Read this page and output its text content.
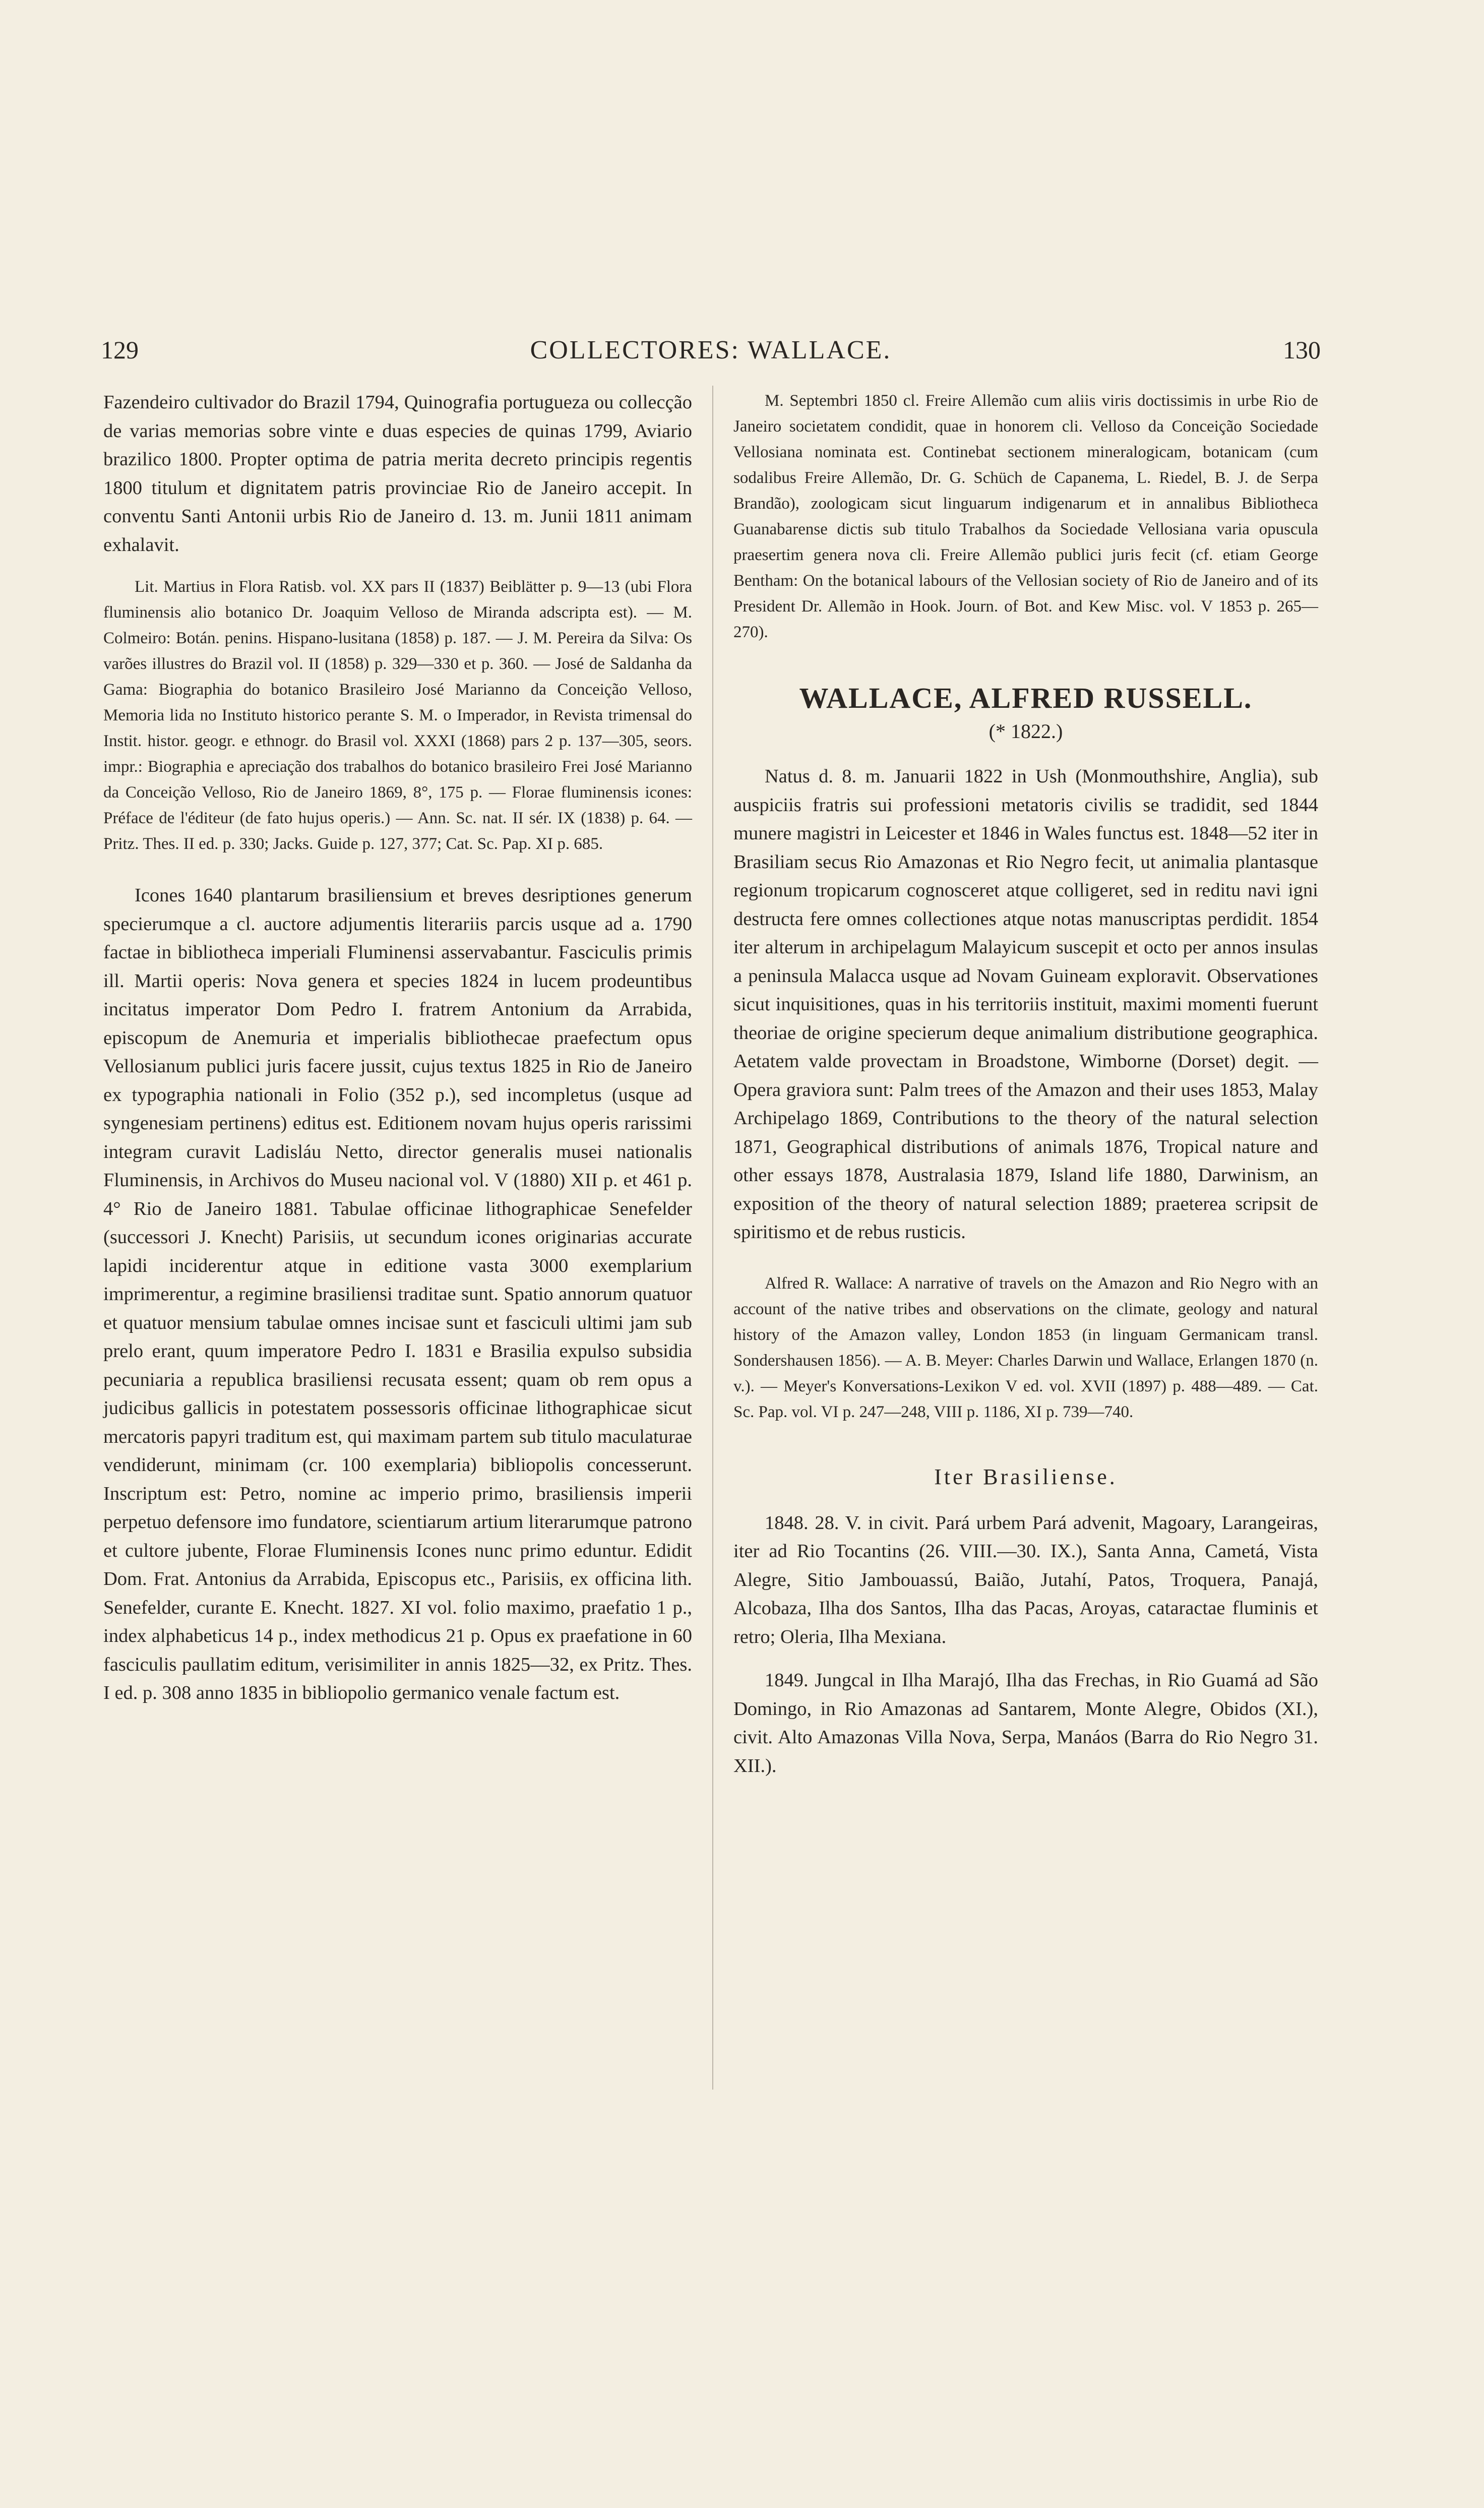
129	COLLECTORES: WALLACE.	130

Fazendeiro cultivador do Brazil 1794, Quinografia portugueza ou collecção de varias memorias sobre vinte e duas especies de quinas 1799, Aviario brazilico 1800. Propter optima de patria merita decreto principis regentis 1800 titulum et dignitatem patris provinciae Rio de Janeiro accepit. In conventu Santi Antonii urbis Rio de Janeiro d. 13. m. Junii 1811 animam exhalavit.

Lit. Martius in Flora Ratisb. vol. XX pars II (1837) Beiblätter p. 9—13 (ubi Flora fluminensis alio botanico Dr. Joaquim Velloso de Miranda adscripta est). — M. Colmeiro: Botán. penins. Hispano-lusitana (1858) p. 187. — J. M. Pereira da Silva: Os varões illustres do Brazil vol. II (1858) p. 329—330 et p. 360. — José de Saldanha da Gama: Biographia do botanico Brasileiro José Marianno da Conceição Velloso, Memoria lida no Instituto historico perante S. M. o Imperador, in Revista trimensal do Instit. histor. geogr. e ethnogr. do Brasil vol. XXXI (1868) pars 2 p. 137—305, seors. impr.: Biographia e apreciação dos trabalhos do botanico brasileiro Frei José Marianno da Conceição Velloso, Rio de Janeiro 1869, 8°, 175 p. — Florae fluminensis icones: Préface de l'éditeur (de fato hujus operis.) — Ann. Sc. nat. II sér. IX (1838) p. 64. — Pritz. Thes. II ed. p. 330; Jacks. Guide p. 127, 377; Cat. Sc. Pap. XI p. 685.

Icones 1640 plantarum brasiliensium et breves desriptiones generum specierumque a cl. auctore adjumentis literariis parcis usque ad a. 1790 factae in bibliotheca imperiali Fluminensi asservabantur. Fasciculis primis ill. Martii operis: Nova genera et species 1824 in lucem prodeuntibus incitatus imperator Dom Pedro I. fratrem Antonium da Arrabida, episcopum de Anemuria et imperialis bibliothecae praefectum opus Vellosianum publici juris facere jussit, cujus textus 1825 in Rio de Janeiro ex typographia nationali in Folio (352 p.), sed incompletus (usque ad syngenesiam pertinens) editus est. Editionem novam hujus operis rarissimi integram curavit Ladisláu Netto, director generalis musei nationalis Fluminensis, in Archivos do Museu nacional vol. V (1880) XII p. et 461 p. 4° Rio de Janeiro 1881. Tabulae officinae lithographicae Senefelder (successori J. Knecht) Parisiis, ut secundum icones originarias accurate lapidi inciderentur atque in editione vasta 3000 exemplarium imprimerentur, a regimine brasiliensi traditae sunt. Spatio annorum quatuor et quatuor mensium tabulae omnes incisae sunt et fasciculi ultimi jam sub prelo erant, quum imperatore Pedro I. 1831 e Brasilia expulso subsidia pecuniaria a republica brasiliensi recusata essent; quam ob rem opus a judicibus gallicis in potestatem possessoris officinae lithographicae sicut mercatoris papyri traditum est, qui maximam partem sub titulo maculaturae vendiderunt, minimam (cr. 100 exemplaria) bibliopolis concesserunt. Inscriptum est: Petro, nomine ac imperio primo, brasiliensis imperii perpetuo defensore imo fundatore, scientiarum artium literarumque patrono et cultore jubente, Florae Fluminensis Icones nunc primo eduntur. Edidit Dom. Frat. Antonius da Arrabida, Episcopus etc., Parisiis, ex officina lith. Senefelder, curante E. Knecht. 1827. XI vol. folio maximo, praefatio 1 p., index alphabeticus 14 p., index methodicus 21 p. Opus ex praefatione in 60 fasciculis paullatim editum, verisimiliter in annis 1825—32, ex Pritz. Thes. I ed. p. 308 anno 1835 in bibliopolio germanico venale factum est.

M. Septembri 1850 cl. Freire Allemão cum aliis viris doctissimis in urbe Rio de Janeiro societatem condidit, quae in honorem cli. Velloso da Conceição Sociedade Vellosiana nominata est. Continebat sectionem mineralogicam, botanicam (cum sodalibus Freire Allemão, Dr. G. Schüch de Capanema, L. Riedel, B. J. de Serpa Brandão), zoologicam sicut linguarum indigenarum et in annalibus Bibliotheca Guanabarense dictis sub titulo Trabalhos da Sociedade Vellosiana varia opuscula praesertim genera nova cli. Freire Allemão publici juris fecit (cf. etiam George Bentham: On the botanical labours of the Vellosian society of Rio de Janeiro and of its President Dr. Allemão in Hook. Journ. of Bot. and Kew Misc. vol. V 1853 p. 265—270).

WALLACE, ALFRED RUSSELL.

(* 1822.)

Natus d. 8. m. Januarii 1822 in Ush (Monmouthshire, Anglia), sub auspiciis fratris sui professioni metatoris civilis se tradidit, sed 1844 munere magistri in Leicester et 1846 in Wales functus est. 1848—52 iter in Brasiliam secus Rio Amazonas et Rio Negro fecit, ut animalia plantasque regionum tropicarum cognosceret atque colligeret, sed in reditu navi igni destructa fere omnes collectiones atque notas manuscriptas perdidit. 1854 iter alterum in archipelagum Malayicum suscepit et octo per annos insulas a peninsula Malacca usque ad Novam Guineam exploravit. Observationes sicut inquisitiones, quas in his territoriis instituit, maximi momenti fuerunt theoriae de origine specierum deque animalium distributione geographica. Aetatem valde provectam in Broadstone, Wimborne (Dorset) degit. — Opera graviora sunt: Palm trees of the Amazon and their uses 1853, Malay Archipelago 1869, Contributions to the theory of the natural selection 1871, Geographical distributions of animals 1876, Tropical nature and other essays 1878, Australasia 1879, Island life 1880, Darwinism, an exposition of the theory of natural selection 1889; praeterea scripsit de spiritismo et de rebus rusticis.

Alfred R. Wallace: A narrative of travels on the Amazon and Rio Negro with an account of the native tribes and observations on the climate, geology and natural history of the Amazon valley, London 1853 (in linguam Germanicam transl. Sondershausen 1856). — A. B. Meyer: Charles Darwin und Wallace, Erlangen 1870 (n. v.). — Meyer's Konversations-Lexikon V ed. vol. XVII (1897) p. 488—489. — Cat. Sc. Pap. vol. VI p. 247—248, VIII p. 1186, XI p. 739—740.

Iter Brasiliense.

1848. 28. V. in civit. Pará urbem Pará advenit, Magoary, Larangeiras, iter ad Rio Tocantins (26. VIII.—30. IX.), Santa Anna, Cametá, Vista Alegre, Sitio Jambouassú, Baião, Jutahí, Patos, Troquera, Panajá, Alcobaza, Ilha dos Santos, Ilha das Pacas, Aroyas, cataractae fluminis et retro; Oleria, Ilha Mexiana.

1849. Jungcal in Ilha Marajó, Ilha das Frechas, in Rio Guamá ad São Domingo, in Rio Amazonas ad Santarem, Monte Alegre, Obidos (XI.), civit. Alto Amazonas Villa Nova, Serpa, Manáos (Barra do Rio Negro 31. XII.).
